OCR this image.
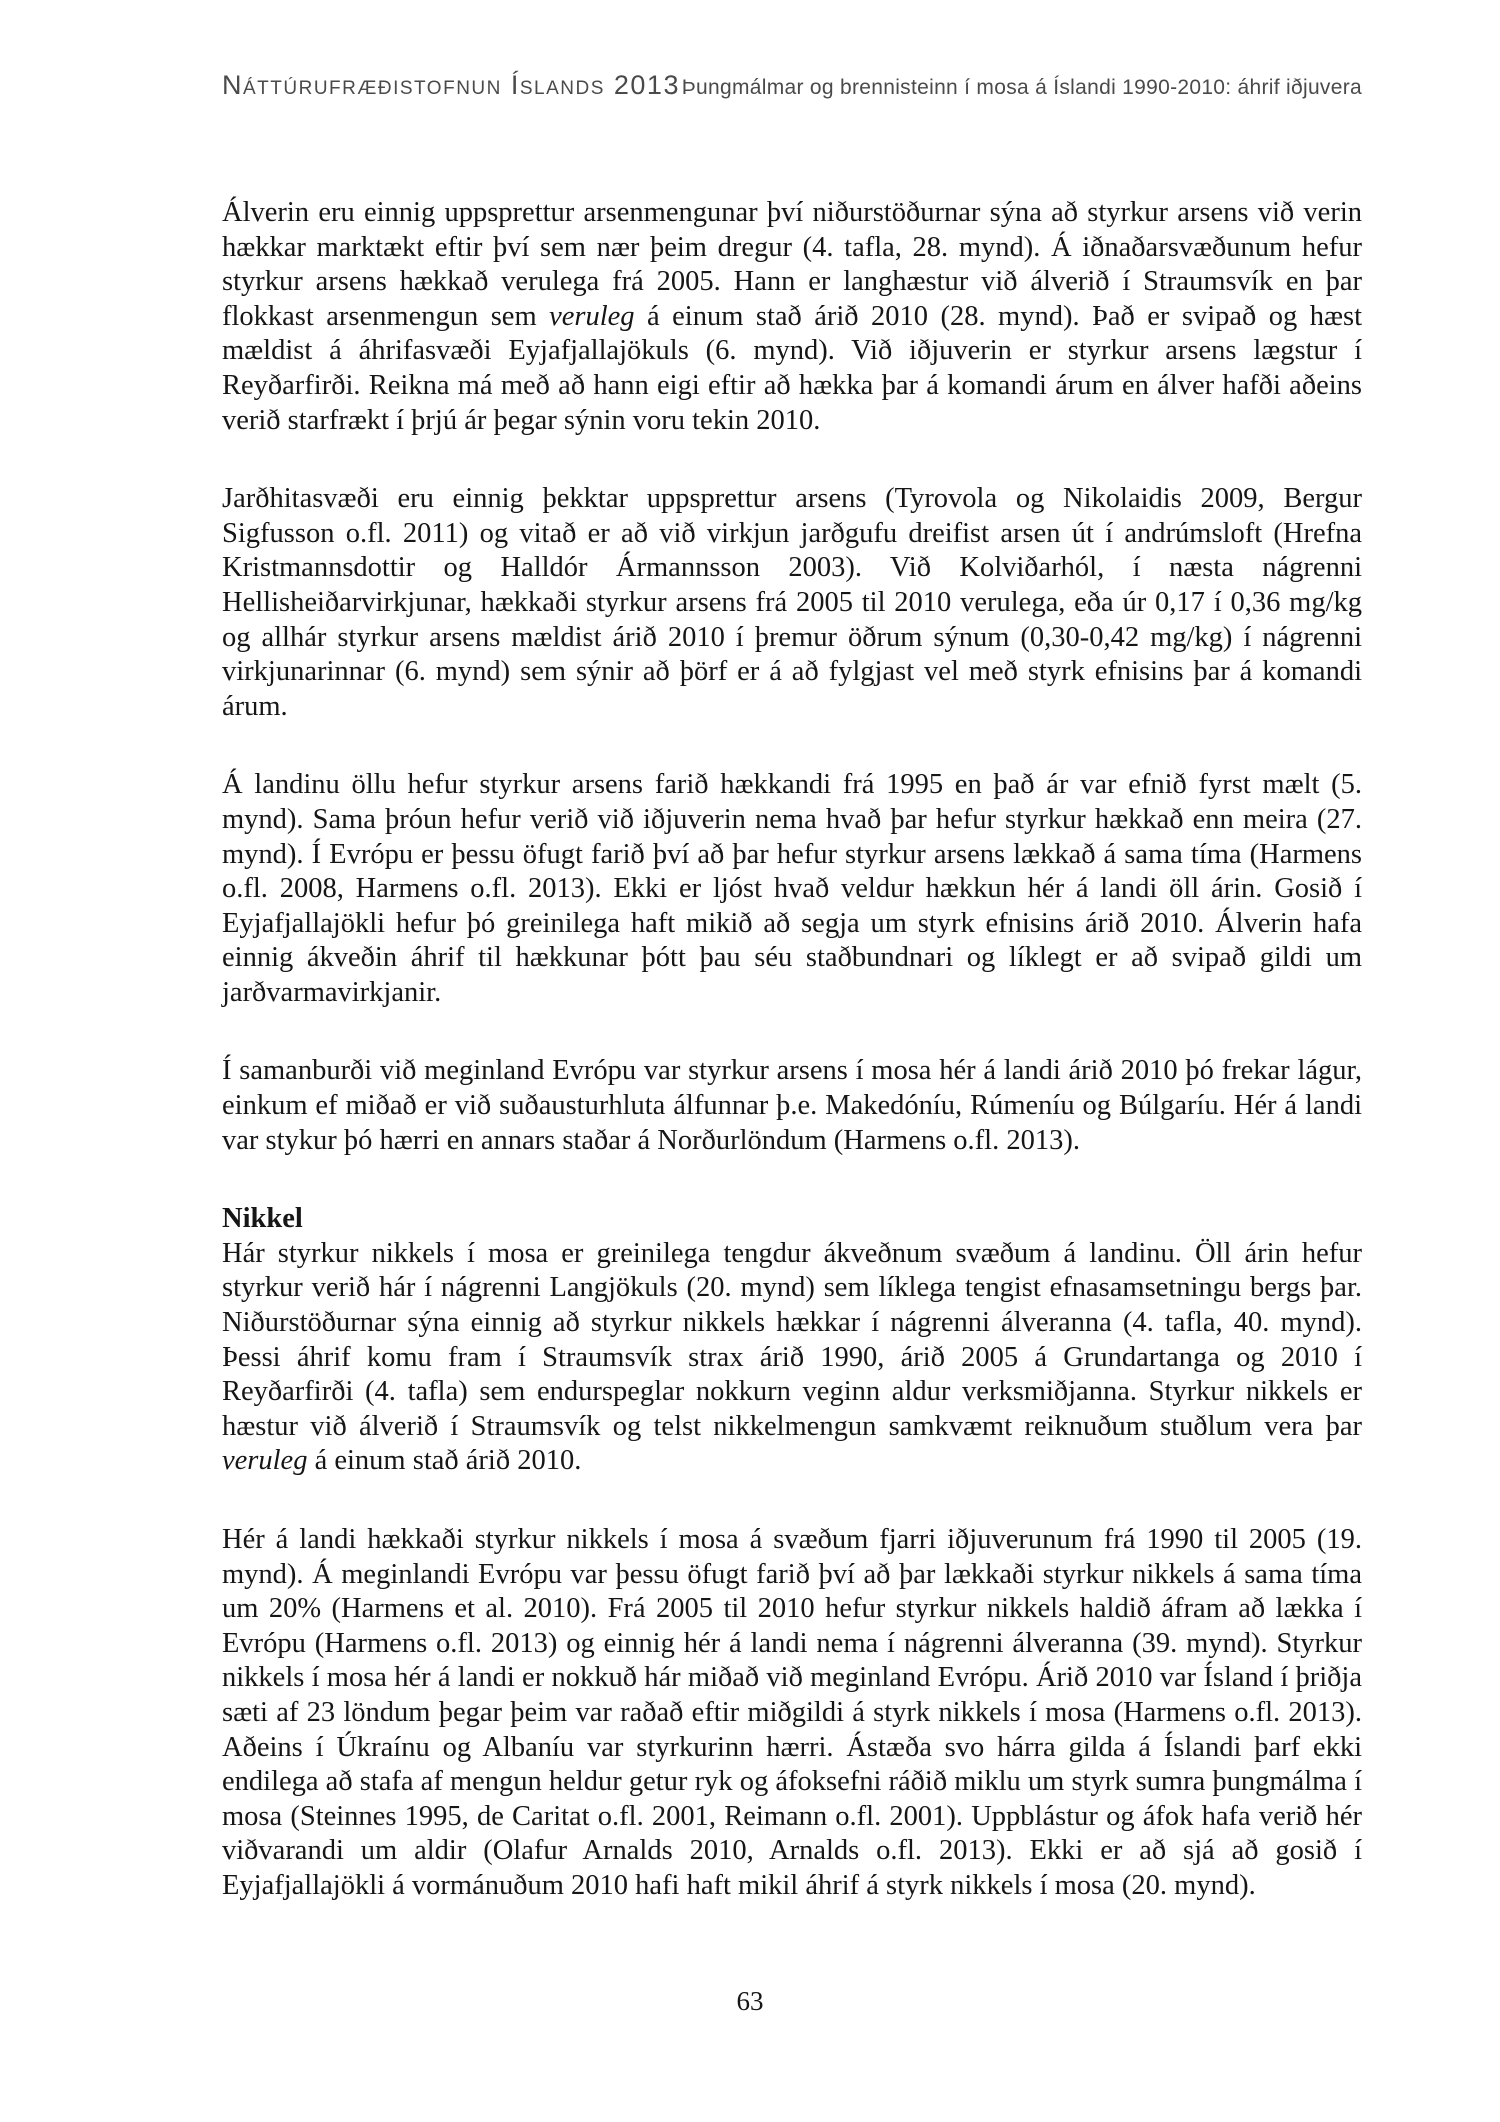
Náttúrufræðistofnun Íslands 2013 Þungmálmar og brennisteinn í mosa á Íslandi 1990-2010: áhrif iðjuvera

Álverin eru einnig uppsprettur arsenmengunar því niðurstöðurnar sýna að styrkur arsens við verin hækkar marktækt eftir því sem nær þeim dregur (4. tafla, 28. mynd). Á iðnaðarsvæðunum hefur styrkur arsens hækkað verulega frá 2005. Hann er langhæstur við álverið í Straumsvík en þar flokkast arsenmengun sem veruleg á einum stað árið 2010 (28. mynd). Það er svipað og hæst mældist á áhrifasvæði Eyjafjallajökuls (6. mynd). Við iðjuverin er styrkur arsens lægstur í Reyðarfirði. Reikna má með að hann eigi eftir að hækka þar á komandi árum en álver hafði aðeins verið starfrækt í þrjú ár þegar sýnin voru tekin 2010.

Jarðhitasvæði eru einnig þekktar uppsprettur arsens (Tyrovola og Nikolaidis 2009, Bergur Sigfusson o.fl. 2011) og vitað er að við virkjun jarðgufu dreifist arsen út í andrúmsloft (Hrefna Kristmannsdottir og Halldór Ármannsson 2003). Við Kolviðarhól, í næsta nágrenni Hellisheiðarvirkjunar, hækkaði styrkur arsens frá 2005 til 2010 verulega, eða úr 0,17 í 0,36 mg/kg og allhár styrkur arsens mældist árið 2010 í þremur öðrum sýnum (0,30-0,42 mg/kg) í nágrenni virkjunarinnar (6. mynd) sem sýnir að þörf er á að fylgjast vel með styrk efnisins þar á komandi árum.

Á landinu öllu hefur styrkur arsens farið hækkandi frá 1995 en það ár var efnið fyrst mælt (5. mynd). Sama þróun hefur verið við iðjuverin nema hvað þar hefur styrkur hækkað enn meira (27. mynd). Í Evrópu er þessu öfugt farið því að þar hefur styrkur arsens lækkað á sama tíma (Harmens o.fl. 2008, Harmens o.fl. 2013). Ekki er ljóst hvað veldur hækkun hér á landi öll árin. Gosið í Eyjafjallajökli hefur þó greinilega haft mikið að segja um styrk efnisins árið 2010. Álverin hafa einnig ákveðin áhrif til hækkunar þótt þau séu staðbundnari og líklegt er að svipað gildi um jarðvarmavirkjanir.

Í samanburði við meginland Evrópu var styrkur arsens í mosa hér á landi árið 2010 þó frekar lágur, einkum ef miðað er við suðausturhluta álfunnar þ.e. Makedóníu, Rúmeníu og Búlgaríu. Hér á landi var stykur þó hærri en annars staðar á Norðurlöndum (Harmens o.fl. 2013).

Nikkel

Hár styrkur nikkels í mosa er greinilega tengdur ákveðnum svæðum á landinu. Öll árin hefur styrkur verið hár í nágrenni Langjökuls (20. mynd) sem líklega tengist efnasamsetningu bergs þar. Niðurstöðurnar sýna einnig að styrkur nikkels hækkar í nágrenni álveranna (4. tafla, 40. mynd). Þessi áhrif komu fram í Straumsvík strax árið 1990, árið 2005 á Grundartanga og 2010 í Reyðarfirði (4. tafla) sem endurspeglar nokkurn veginn aldur verksmiðjanna. Styrkur nikkels er hæstur við álverið í Straumsvík og telst nikkelmengun samkvæmt reiknuðum stuðlum vera þar veruleg á einum stað árið 2010.

Hér á landi hækkaði styrkur nikkels í mosa á svæðum fjarri iðjuverunum frá 1990 til 2005 (19. mynd). Á meginlandi Evrópu var þessu öfugt farið því að þar lækkaði styrkur nikkels á sama tíma um 20% (Harmens et al. 2010). Frá 2005 til 2010 hefur styrkur nikkels haldið áfram að lækka í Evrópu (Harmens o.fl. 2013) og einnig hér á landi nema í nágrenni álveranna (39. mynd). Styrkur nikkels í mosa hér á landi er nokkuð hár miðað við meginland Evrópu. Árið 2010 var Ísland í þriðja sæti af 23 löndum þegar þeim var raðað eftir miðgildi á styrk nikkels í mosa (Harmens o.fl. 2013). Aðeins í Úkraínu og Albaníu var styrkurinn hærri. Ástæða svo hárra gilda á Íslandi þarf ekki endilega að stafa af mengun heldur getur ryk og áfoksefni ráðið miklu um styrk sumra þungmálma í mosa (Steinnes 1995, de Caritat o.fl. 2001, Reimann o.fl. 2001). Uppblástur og áfok hafa verið hér viðvarandi um aldir (Olafur Arnalds 2010, Arnalds o.fl. 2013). Ekki er að sjá að gosið í Eyjafjallajökli á vormánuðum 2010 hafi haft mikil áhrif á styrk nikkels í mosa (20. mynd).

63
